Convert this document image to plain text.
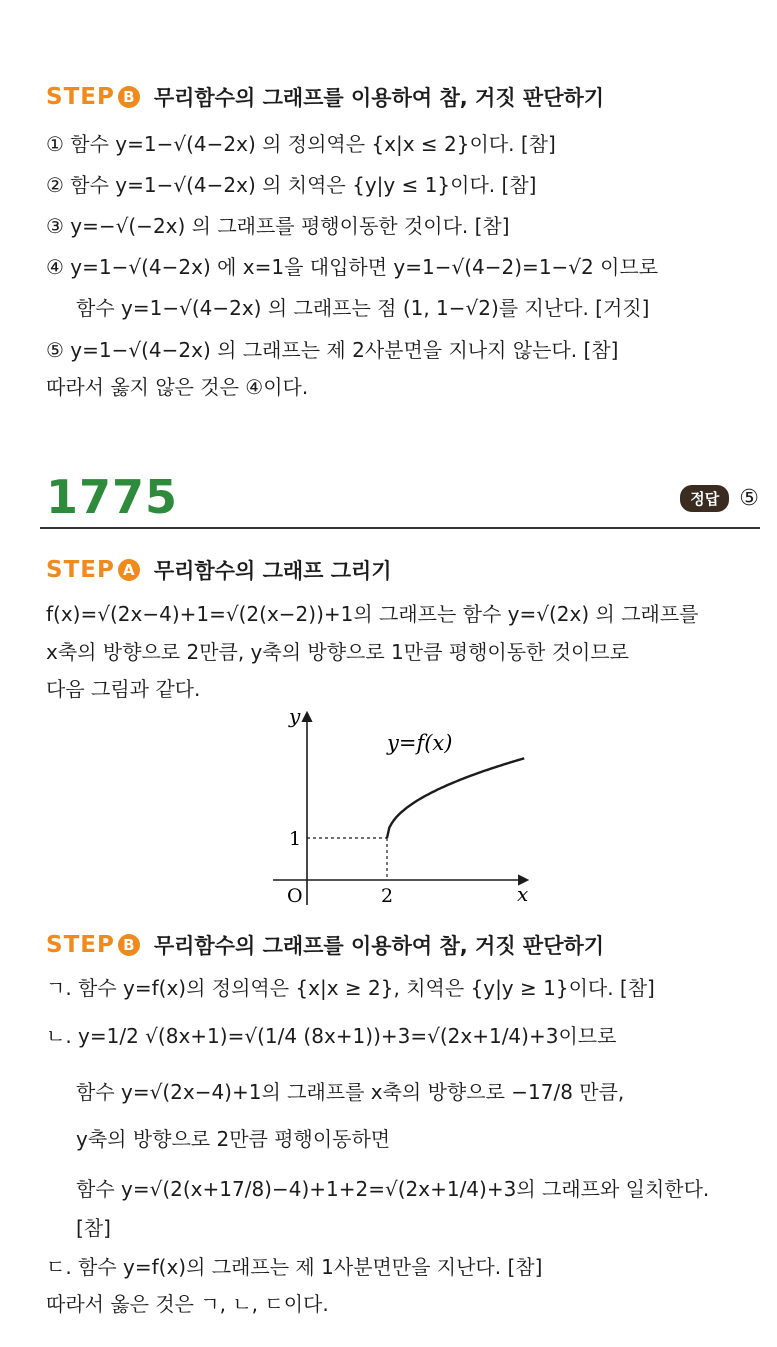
STEP B 무리함수의 그래프를 이용하여 참, 거짓 판단하기
① 함수 y=1−√(4−2x) 의 정의역은 {x|x ≤ 2}이다. [참]
② 함수 y=1−√(4−2x) 의 치역은 {y|y ≤ 1}이다. [참]
③ y=−√(−2x) 의 그래프를 평행이동한 것이다. [참]
④ y=1−√(4−2x) 에 x=1을 대입하면 y=1−√(4−2)=1−√2 이므로
함수 y=1−√(4−2x) 의 그래프는 점 (1, 1−√2)를 지난다. [거짓]
⑤ y=1−√(4−2x) 의 그래프는 제 2사분면을 지나지 않는다. [참]
따라서 옳지 않은 것은 ④이다.
1775	정답 ⑤
STEP A 무리함수의 그래프 그리기
f(x)=√(2x−4)+1=√(2(x−2))+1의 그래프는 함수 y=√(2x) 의 그래프를
x축의 방향으로 2만큼, y축의 방향으로 1만큼 평행이동한 것이므로
다음 그림과 같다.
y
x
O	2
1
y=f(x)
STEP B 무리함수의 그래프를 이용하여 참, 거짓 판단하기
ㄱ. 함수 y=f(x)의 정의역은 {x|x ≥ 2}, 치역은 {y|y ≥ 1}이다. [참]
ㄴ. y=1/2 √(8x+1)=√(1/4 (8x+1))+3=√(2x+1/4)+3이므로
함수 y=√(2x−4)+1의 그래프를 x축의 방향으로 −17/8 만큼,
y축의 방향으로 2만큼 평행이동하면
함수 y=√(2(x+17/8)−4)+1+2=√(2x+1/4)+3의 그래프와 일치한다.
[참]
ㄷ. 함수 y=f(x)의 그래프는 제 1사분면만을 지난다. [참]
따라서 옳은 것은 ㄱ, ㄴ, ㄷ이다.
